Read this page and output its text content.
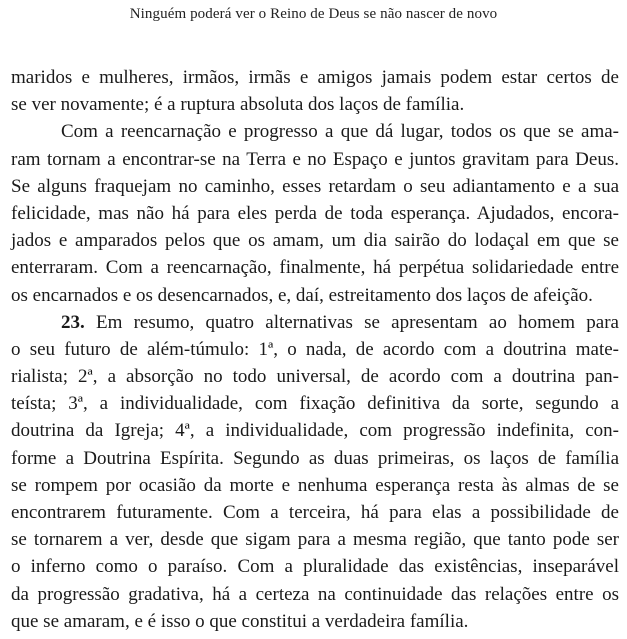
Ninguém poderá ver o Reino de Deus se não nascer de novo
maridos e mulheres, irmãos, irmãs e amigos jamais podem estar certos de
se ver novamente; é a ruptura absoluta dos laços de família.
Com a reencarnação e progresso a que dá lugar, todos os que se ama-
ram tornam a encontrar-se na Terra e no Espaço e juntos gravitam para Deus.
Se alguns fraquejam no caminho, esses retardam o seu adiantamento e a sua
felicidade, mas não há para eles perda de toda esperança. Ajudados, encora-
jados e amparados pelos que os amam, um dia sairão do lodaçal em que se
enterraram. Com a reencarnação, finalmente, há perpétua solidariedade entre
os encarnados e os desencarnados, e, daí, estreitamento dos laços de afeição.
23. Em resumo, quatro alternativas se apresentam ao homem para
o seu futuro de além-túmulo: 1ª, o nada, de acordo com a doutrina mate-
rialista; 2ª, a absorção no todo universal, de acordo com a doutrina pan-
teísta; 3ª, a individualidade, com fixação definitiva da sorte, segundo a
doutrina da Igreja; 4ª, a individualidade, com progressão indefinita, con-
forme a Doutrina Espírita. Segundo as duas primeiras, os laços de família
se rompem por ocasião da morte e nenhuma esperança resta às almas de se
encontrarem futuramente. Com a terceira, há para elas a possibilidade de
se tornarem a ver, desde que sigam para a mesma região, que tanto pode ser
o inferno como o paraíso. Com a pluralidade das existências, inseparável
da progressão gradativa, há a certeza na continuidade das relações entre os
que se amaram, e é isso o que constitui a verdadeira família.
